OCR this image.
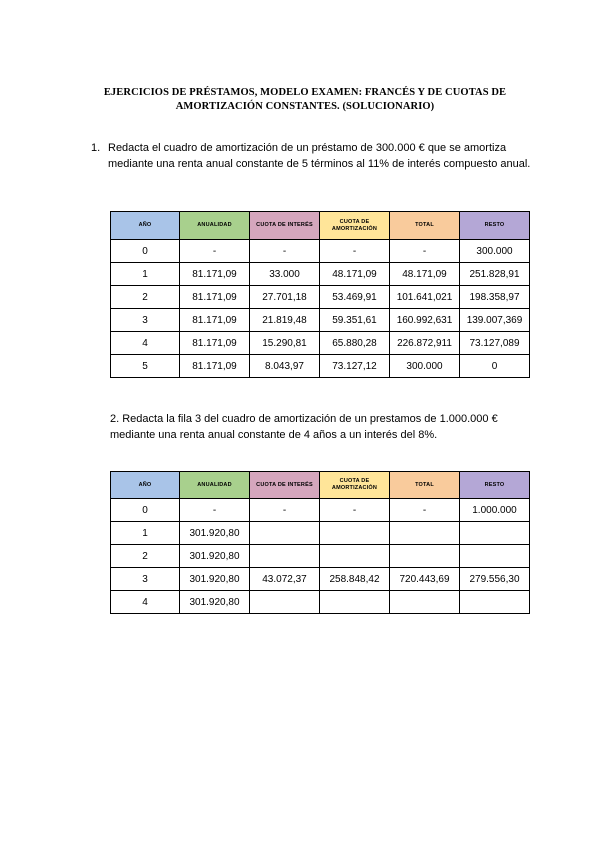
EJERCICIOS DE PRÉSTAMOS, MODELO EXAMEN: FRANCÉS Y DE CUOTAS DE
AMORTIZACIÓN CONSTANTES. (SOLUCIONARIO)
1. Redacta el cuadro de amortización de un préstamo de 300.000 € que se amortiza mediante una renta anual constante de 5 términos al 11% de interés compuesto anual.
AÑO	ANUALIDAD	CUOTA DE INTERÉS	CUOTA DE AMORTIZACIÓN	TOTAL	RESTO
0	-	-	-	-	300.000
1	81.171,09	33.000	48.171,09	48.171,09	251.828,91
2	81.171,09	27.701,18	53.469,91	101.641,021	198.358,97
3	81.171,09	21.819,48	59.351,61	160.992,631	139.007,369
4	81.171,09	15.290,81	65.880,28	226.872,911	73.127,089
5	81.171,09	8.043,97	73.127,12	300.000	0
2. Redacta la fila 3 del cuadro de amortización de un prestamos de 1.000.000 € mediante una renta anual constante de 4 años a un interés del 8%.
AÑO	ANUALIDAD	CUOTA DE INTERÉS	CUOTA DE AMORTIZACIÓN	TOTAL	RESTO
0	-	-	-	-	1.000.000
1	301.920,80				
2	301.920,80				
3	301.920,80	43.072,37	258.848,42	720.443,69	279.556,30
4	301.920,80				
